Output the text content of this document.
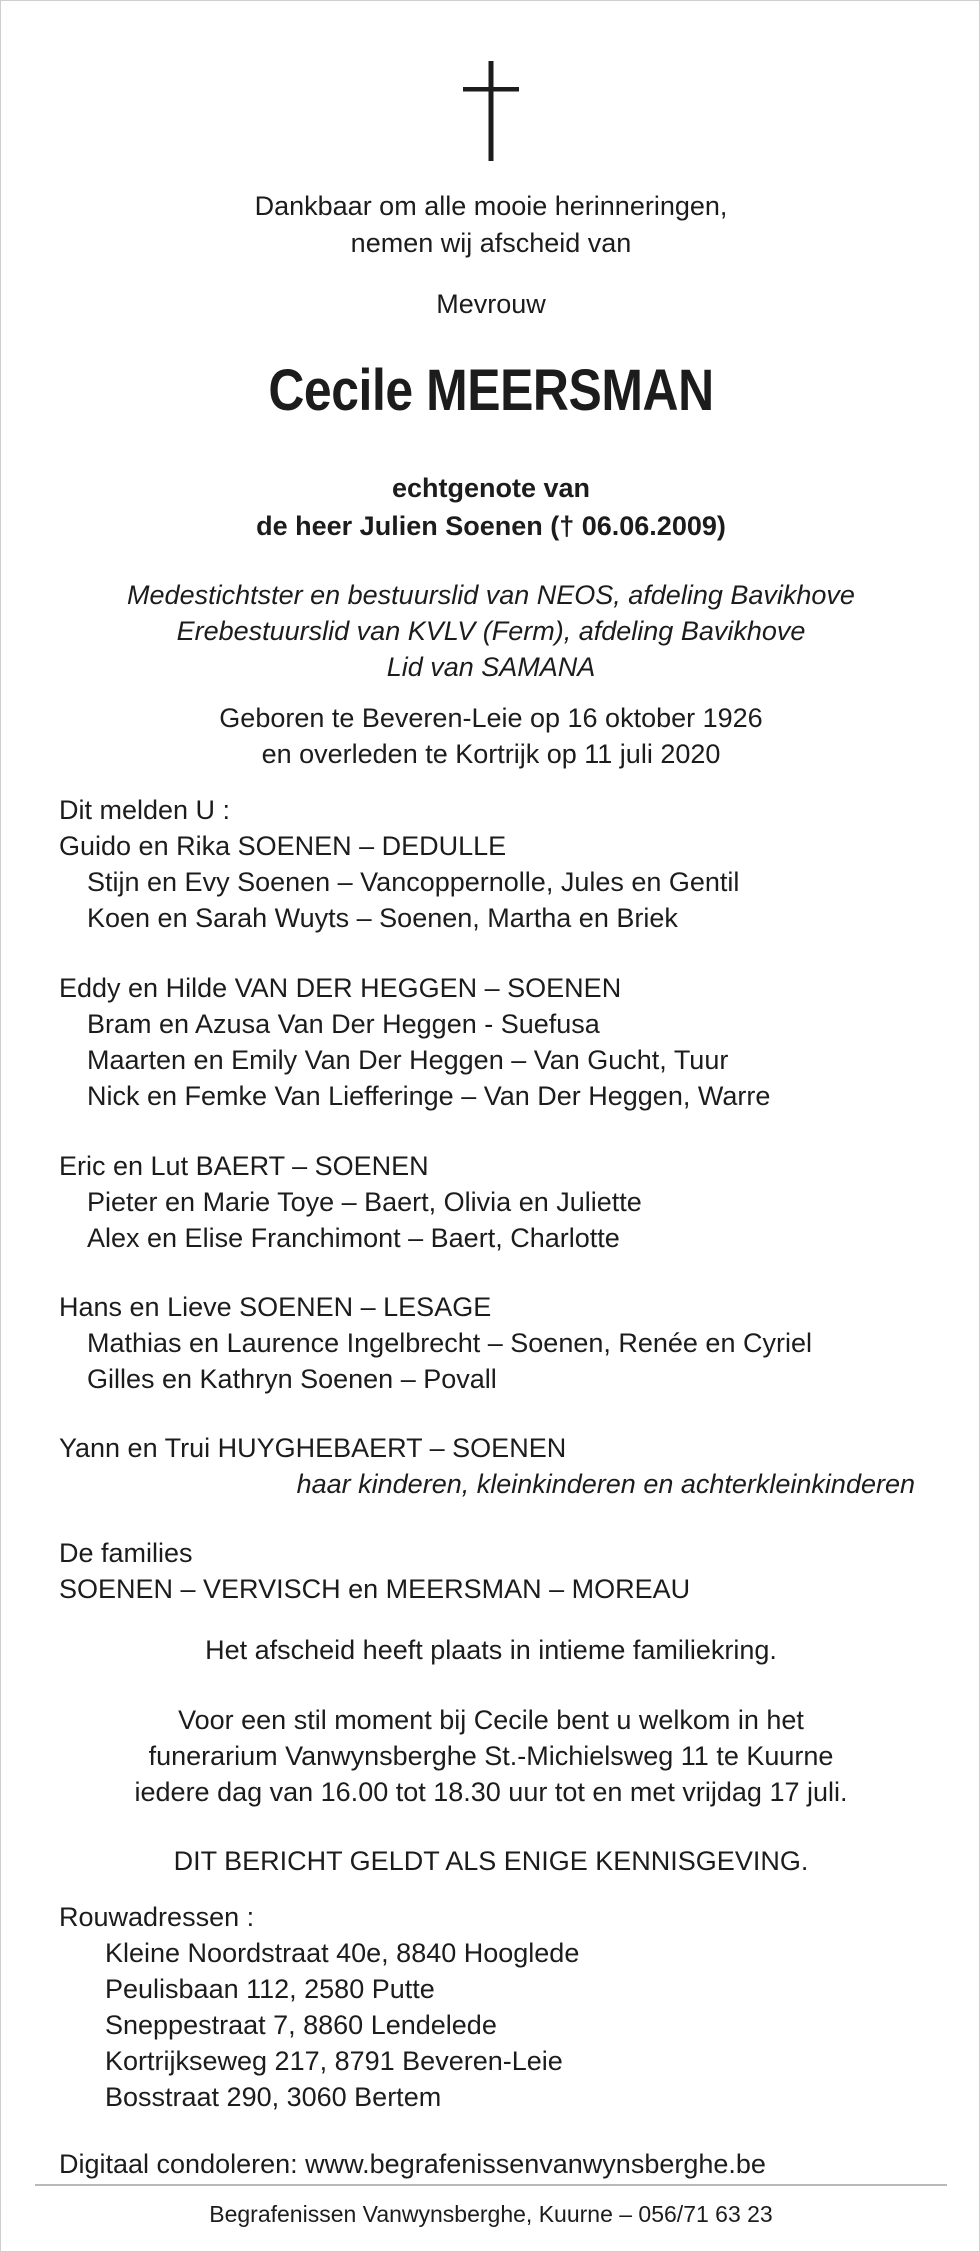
Dankbaar om alle mooie herinneringen,
nemen wij afscheid van
Mevrouw
Cecile MEERSMAN
echtgenote van
de heer Julien Soenen († 06.06.2009)
Medestichtster en bestuurslid van NEOS, afdeling Bavikhove
Erebestuurslid van KVLV (Ferm), afdeling Bavikhove
Lid van SAMANA
Geboren te Beveren-Leie op 16 oktober 1926
en overleden te Kortrijk op 11 juli 2020
Dit melden U :
Guido en Rika SOENEN – DEDULLE
Stijn en Evy Soenen – Vancoppernolle, Jules en Gentil
Koen en Sarah Wuyts – Soenen, Martha en Briek
Eddy en Hilde VAN DER HEGGEN – SOENEN
Bram en Azusa Van Der Heggen - Suefusa
Maarten en Emily Van Der Heggen – Van Gucht, Tuur
Nick en Femke Van Liefferinge – Van Der Heggen, Warre
Eric en Lut BAERT – SOENEN
Pieter en Marie Toye – Baert, Olivia en Juliette
Alex en Elise Franchimont – Baert, Charlotte
Hans en Lieve SOENEN – LESAGE
Mathias en Laurence Ingelbrecht – Soenen, Renée en Cyriel
Gilles en Kathryn Soenen – Povall
Yann en Trui HUYGHEBAERT – SOENEN
haar kinderen, kleinkinderen en achterkleinkinderen
De families
SOENEN – VERVISCH en MEERSMAN – MOREAU
Het afscheid heeft plaats in intieme familiekring.
Voor een stil moment bij Cecile bent u welkom in het
funerarium Vanwynsberghe St.-Michielsweg 11 te Kuurne
iedere dag van 16.00 tot 18.30 uur tot en met vrijdag 17 juli.
DIT BERICHT GELDT ALS ENIGE KENNISGEVING.
Rouwadressen :
Kleine Noordstraat 40e, 8840 Hooglede
Peulisbaan 112, 2580 Putte
Sneppestraat 7, 8860 Lendelede
Kortrijkseweg 217, 8791 Beveren-Leie
Bosstraat 290, 3060 Bertem
Digitaal condoleren: www.begrafenissenvanwynsberghe.be
Begrafenissen Vanwynsberghe, Kuurne – 056/71 63 23
